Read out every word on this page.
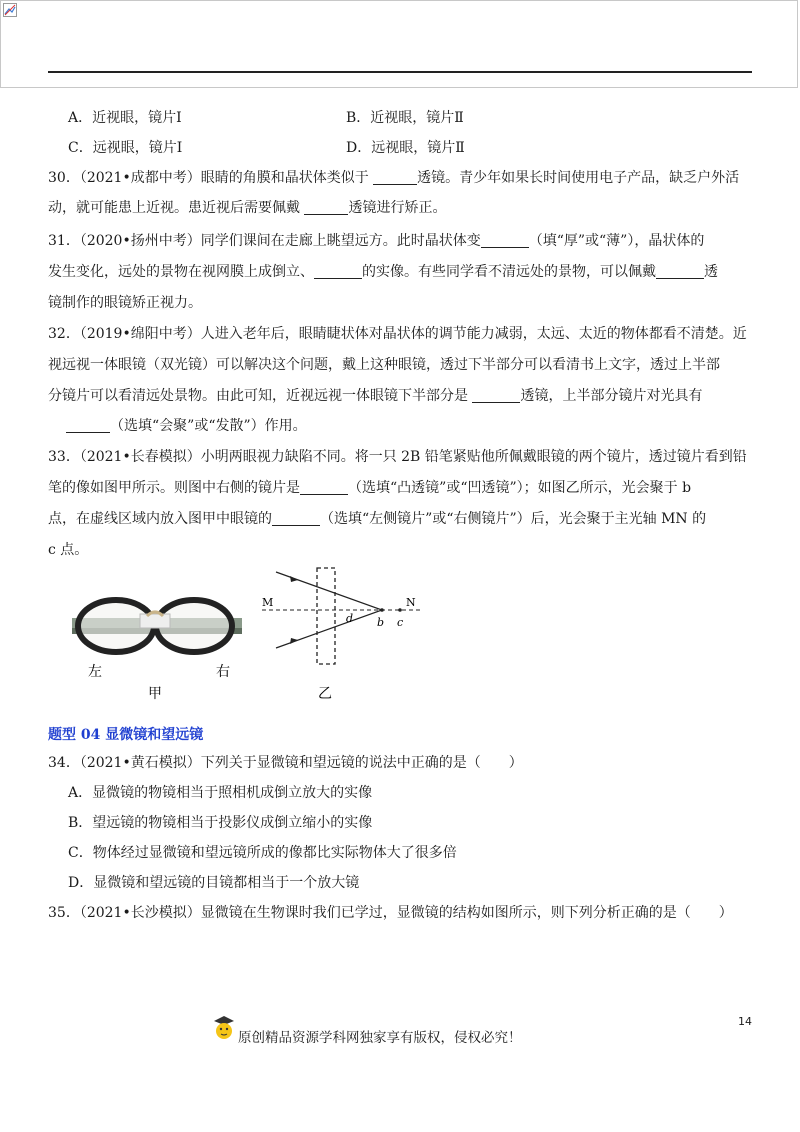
A．近视眼，镜片Ⅰ	B．近视眼，镜片Ⅱ
C．远视眼，镜片Ⅰ	D．远视眼，镜片Ⅱ
30．（2021•成都中考）眼睛的角膜和晶状体类似于	透镜。青少年如果长时间使用电子产品，缺乏户外活
动，就可能患上近视。患近视后需要佩戴	透镜进行矫正。
31．（2020•扬州中考）同学们课间在走廊上眺望远方。此时晶状体变	（填“厚”或“薄”），晶状体的
发生变化，远处的景物在视网膜上成倒立、	的实像。有些同学看不清远处的景物，可以佩戴	透
镜制作的眼镜矫正视力。
32．（2019•绵阳中考）人进入老年后，眼睛睫状体对晶状体的调节能力减弱，太远、太近的物体都看不清楚。近
视远视一体眼镜（双光镜）可以解决这个问题，戴上这种眼镜，透过下半部分可以看清书上文字，透过上半部
分镜片可以看清远处景物。由此可知，近视远视一体眼镜下半部分是	透镜，上半部分镜片对光具有
（选填“会聚”或“发散”）作用。
33．（2021•长春模拟）小明两眼视力缺陷不同。将一只 2B 铅笔紧贴他所佩戴眼镜的两个镜片，透过镜片看到铅
笔的像如图甲所示。则图中右侧的镜片是	（选填“凸透镜”或“凹透镜”）；如图乙所示，光会聚于 b
点，在虚线区域内放入图甲中眼镜的	（选填“左侧镜片”或“右侧镜片”）后，光会聚于主光轴 MN 的
c 点。
左	右
甲
M	N
d b c
乙
题型 04 显微镜和望远镜
34．（2021•黄石模拟）下列关于显微镜和望远镜的说法中正确的是（　　）
A．显微镜的物镜相当于照相机成倒立放大的实像
B．望远镜的物镜相当于投影仪成倒立缩小的实像
C．物体经过显微镜和望远镜所成的像都比实际物体大了很多倍
D．显微镜和望远镜的目镜都相当于一个放大镜
35．（2021•长沙模拟）显微镜在生物课时我们已学过，显微镜的结构如图所示，则下列分析正确的是（　　）
原创精品资源学科网独家享有版权，侵权必究！
14
